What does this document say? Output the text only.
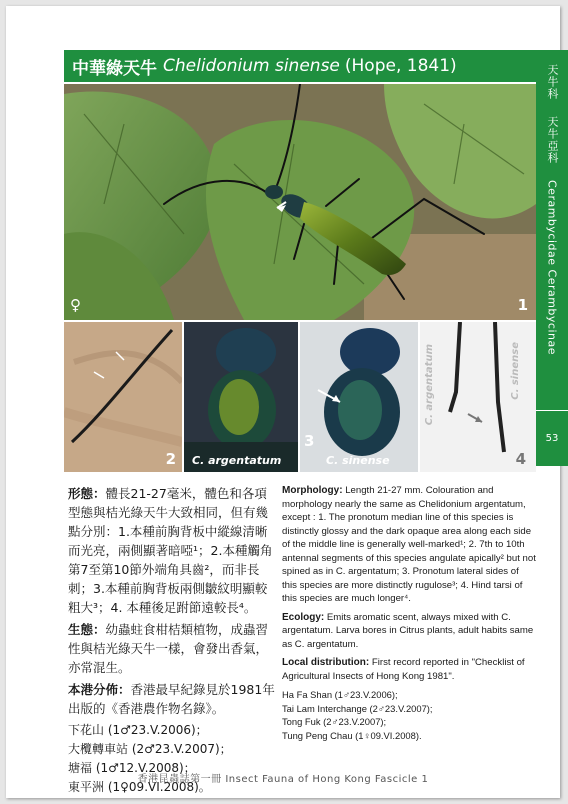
中華綠天牛 Chelidonium sinense (Hope, 1841)	天牛科
天牛亞科
Cerambycidae Cerambycinae
53
♀	1
2 C. argentatum
3
C. sinense
C. argentatum	C. sinense
4

形態：體長21-27毫米，體色和各項型態與桔光綠天牛大致相同，但有幾點分別：1.本種前胸背板中縱線清晰而光亮，兩側顯著暗啞¹；2.本種觸角第7至第10節外端角具齒²，而非長刺；3.本種前胸背板兩側皺紋明顯較粗大³；4. 本種後足跗節遠較長⁴。

生態：幼蟲蛀食柑桔類植物，成蟲習性與桔光綠天牛一樣，會發出香氣，亦常混生。

本港分佈：香港最早紀錄見於1981年出版的《香港農作物名錄》。

下花山 (1♂23.V.2006)；
大欖轉車站 (2♂23.V.2007)；
塘福 (1♂12.V.2008)；
東平洲 (1♀09.VI.2008)。

Morphology: Length 21-27 mm. Colouration and morphology nearly the same as Chelidonium argentatum, except : 1. The pronotum median line of this species is distinctly glossy and the dark opaque area along each side of the middle line is generally well-marked¹; 2. 7th to 10th antennal segments of this species angulate apically² but not spined as in C. argentatum; 3. Pronotum lateral sides of this species are more distinctly rugulose³; 4. Hind tarsi of this species are much longer⁴.

Ecology: Emits aromatic scent, always mixed with C. argentatum. Larva bores in Citrus plants, adult habits same as C. argentatum.

Local distribution: First record reported in "Checklist of Agricultural Insects of Hong Kong 1981".

Ha Fa Shan (1♂23.V.2006);
Tai Lam Interchange (2♂23.V.2007);
Tong Fuk (2♂23.V.2007);
Tung Peng Chau (1♀09.VI.2008).
香港昆蟲誌第一冊 Insect Fauna of Hong Kong Fascicle 1
